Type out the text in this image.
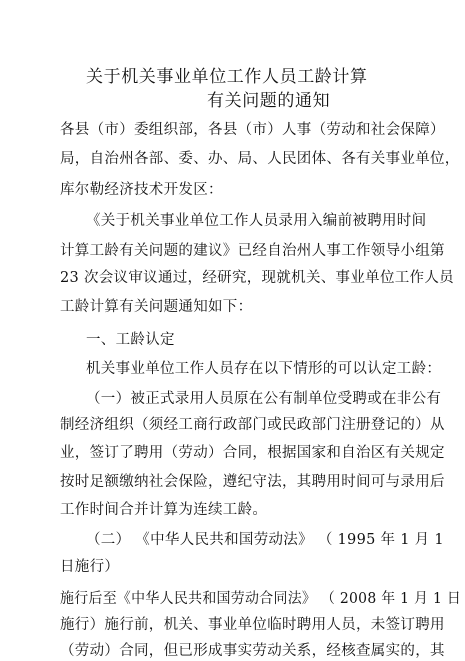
关于机关事业单位工作人员工龄计算
有关问题的通知
各县（市）委组织部，各县（市）人事（劳动和社会保障）
局，自治州各部、委、办、局、人民团体、各有关事业单位，
库尔勒经济技术开发区：
《关于机关事业单位工作人员录用入编前被聘用时间
计算工龄有关问题的建议》已经自治州人事工作领导小组第
23 次会议审议通过，经研究，现就机关、事业单位工作人员
工龄计算有关问题通知如下：
一、工龄认定
机关事业单位工作人员存在以下情形的可以认定工龄：
（一）被正式录用人员原在公有制单位受聘或在非公有
制经济组织（须经工商行政部门或民政部门注册登记的）从
业，签订了聘用（劳动）合同，根据国家和自治区有关规定
按时足额缴纳社会保险，遵纪守法，其聘用时间可与录用后
工作时间合并计算为连续工龄。
（二） 《中华人民共和国劳动法》 （ 1995 年 1 月 1
日施行）
施行后至《中华人民共和国劳动合同法》 （ 2008 年 1 月 1 日
施行）施行前，机关、事业单位临时聘用人员，未签订聘用
（劳动）合同，但已形成事实劳动关系，经核查属实的，其
